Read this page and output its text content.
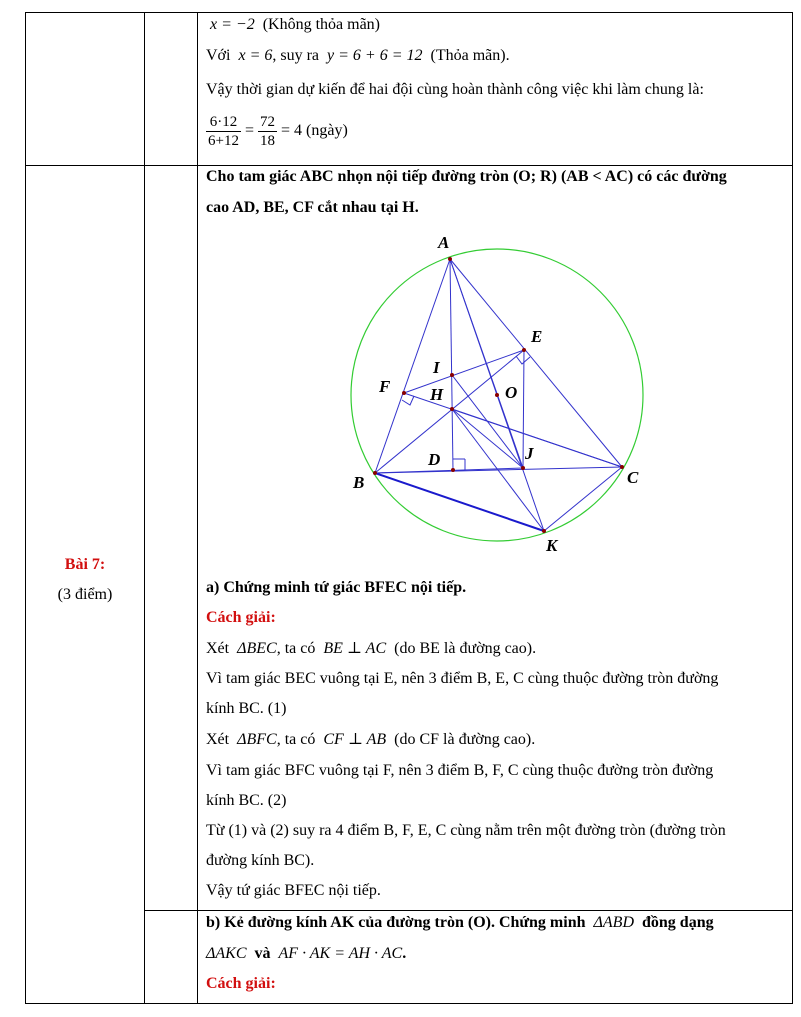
x = −2 (Không thỏa mãn)
Với x = 6, suy ra y = 6 + 6 = 12 (Thỏa mãn).
Vậy thời gian dự kiến để hai đội cùng hoàn thành công việc khi làm chung là:
$\frac{6\cdot 12}{6+12} = \frac{72}{18} = 4$ (ngày)
Bài 7:
(3 điểm)
Cho tam giác ABC nhọn nội tiếp đường tròn (O; R) (AB < AC) có các đường
cao AD, BE, CF cắt nhau tại H.
A
B	C
D
E
F H
I
J
K
O
a) Chứng minh tứ giác BFEC nội tiếp.
Cách giải:
Xét ΔBEC, ta có BE ⊥ AC (do BE là đường cao).
Vì tam giác BEC vuông tại E, nên 3 điểm B, E, C cùng thuộc đường tròn đường
kính BC. (1)
Xét ΔBFC, ta có CF ⊥ AB (do CF là đường cao).
Vì tam giác BFC vuông tại F, nên 3 điểm B, F, C cùng thuộc đường tròn đường
kính BC. (2)
Từ (1) và (2) suy ra 4 điểm B, F, E, C cùng nằm trên một đường tròn (đường tròn
đường kính BC).
Vậy tứ giác BFEC nội tiếp.
b) Kẻ đường kính AK của đường tròn (O). Chứng minh ΔABD đồng dạng
ΔAKC và AF · AK = AH · AC.
Cách giải:
